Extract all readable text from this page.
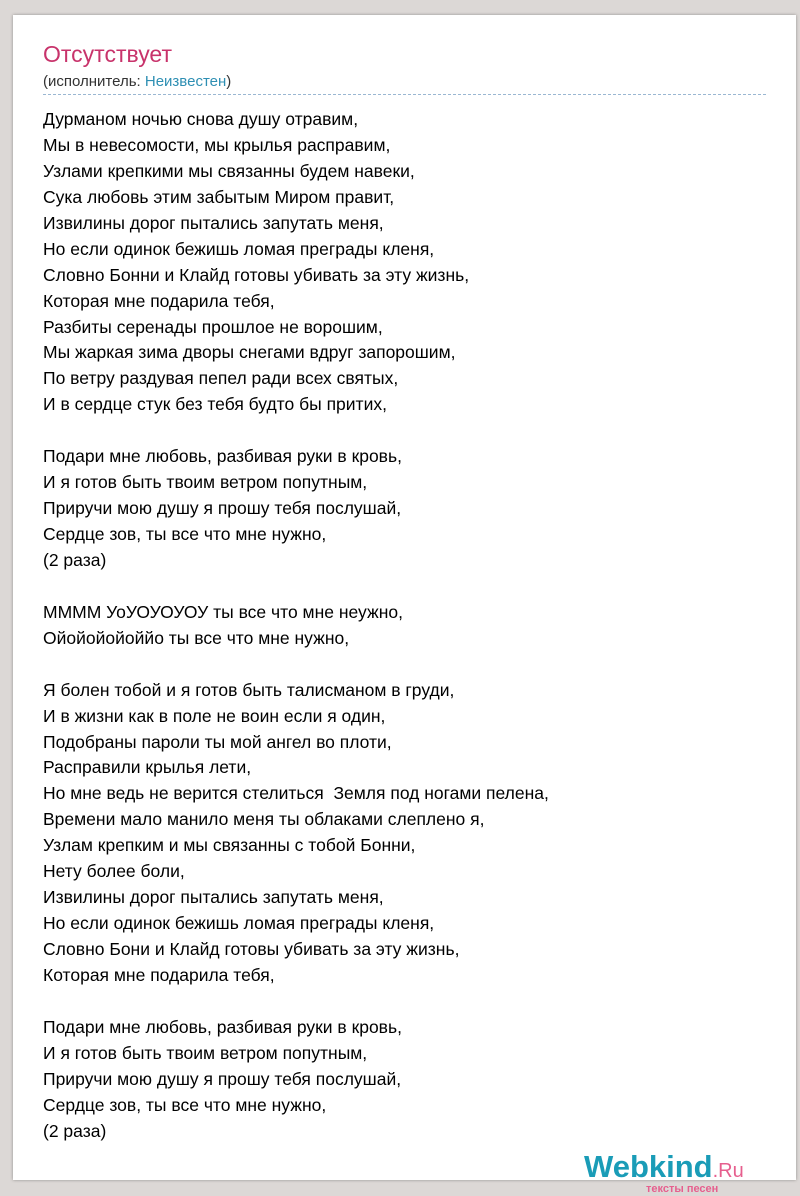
Отсутствует
(исполнитель: Неизвестен)
Дурманом ночью снова душу отравим,
Мы в невесомости, мы крылья расправим,
Узлами крепкими мы связанны будем навеки,
Сука любовь этим забытым Миром правит,
Извилины дорог пытались запутать меня,
Но если одинок бежишь ломая преграды кленя,
Словно Бонни и Клайд готовы убивать за эту жизнь,
Которая мне подарила тебя,
Разбиты серенады прошлое не ворошим,
Мы жаркая зима дворы снегами вдруг запорошим,
По ветру раздувая пепел ради всех святых,
И в сердце стук без тебя будто бы притих,
Подари мне любовь, разбивая руки в кровь,
И я готов быть твоим ветром попутным,
Приручи мою душу я прошу тебя послушай,
Сердце зов, ты все что мне нужно,
(2 раза)
ММММ УоУОУОУОУ ты все что мне неужно,
Ойойойойоййо ты все что мне нужно,
Я болен тобой и я готов быть талисманом в груди,
И в жизни как в поле не воин если я один,
Подобраны пароли ты мой ангел во плоти,
Расправили крылья лети,
Но мне ведь не верится стелиться  Земля под ногами пелена,
Времени мало манило меня ты облаками слеплено я,
Узлам крепким и мы связанны с тобой Бонни,
Нету более боли,
Извилины дорог пытались запутать меня,
Но если одинок бежишь ломая преграды кленя,
Словно Бони и Клайд готовы убивать за эту жизнь,
Которая мне подарила тебя,
Подари мне любовь, разбивая руки в кровь,
И я готов быть твоим ветром попутным,
Приручи мою душу я прошу тебя послушай,
Сердце зов, ты все что мне нужно,
(2 раза)
Webkind.Ru
тексты песен
